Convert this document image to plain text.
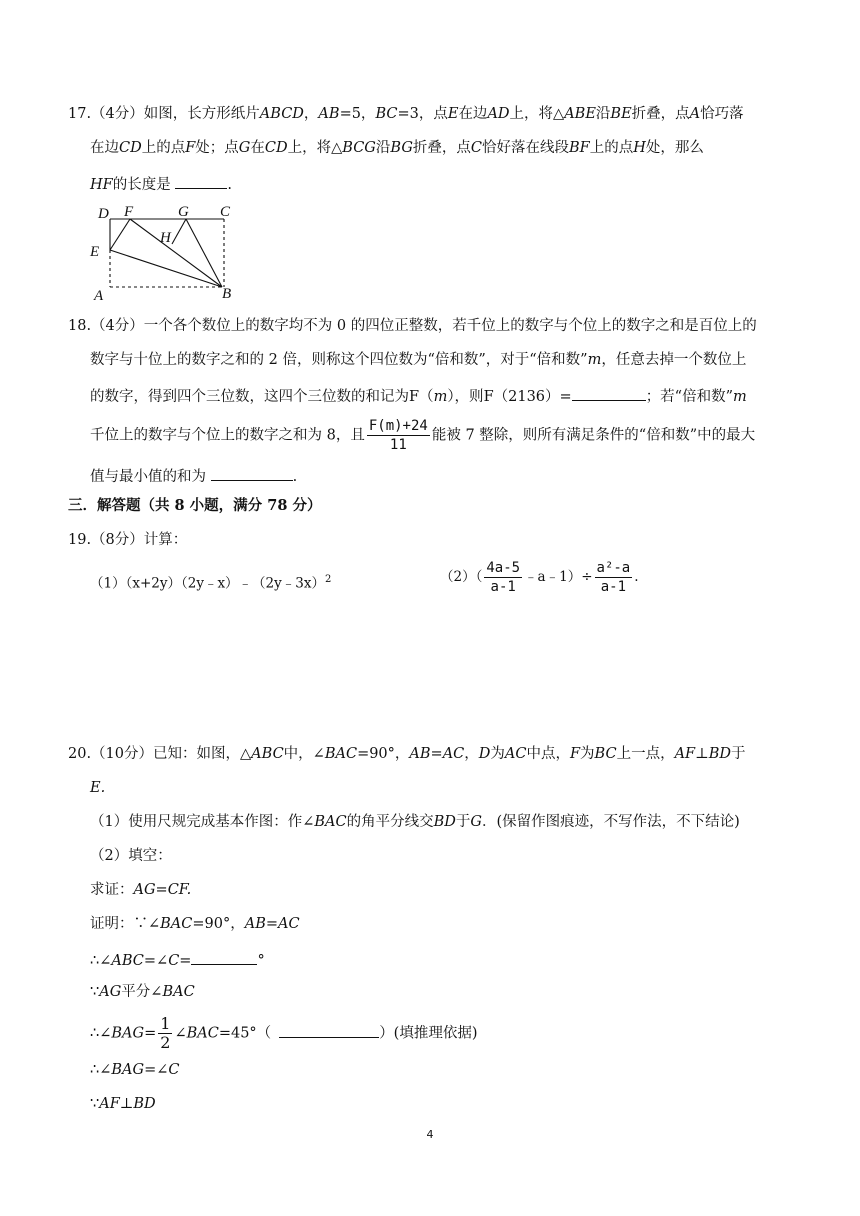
17.（4分）如图，长方形纸片ABCD，AB=5，BC=3，点E在边AD上，将△ABE沿BE折叠，点A恰巧落
在边CD上的点F处；点G在CD上，将△BCG沿BG折叠，点C恰好落在线段BF上的点H处，那么
HF的长度是	.
D F	G C
H
E
A	B
18.（4分）一个各个数位上的数字均不为 0 的四位正整数，若千位上的数字与个位上的数字之和是百位上的
数字与十位上的数字之和的 2 倍，则称这个四位数为“倍和数”，对于“倍和数”m，任意去掉一个数位上
的数字，得到四个三位数，这四个三位数的和记为F（m），则F（2136）=	；若“倍和数”m
千位上的数字与个位上的数字之和为 8，且 $\frac{F(m)+24}{11}$ 能被 7 整除，则所有满足条件的“倍和数”中的最大
值与最小值的和为	.
三．解答题（共 8 小题，满分 78 分）
19.（8分）计算：
（1）（x+2y）（2y﹣x）﹣（2y﹣3x）$^2$	$(2)( \frac{4a-5}{a-1}$ ﹣a﹣1）÷ $\frac{\text{a²-a}}{a-1}$ .
20.（10分）已知：如图，△ABC中，∠BAC=90°，AB=AC，D为AC中点，F为BC上一点，AF⊥BD于
E.
（1）使用尺规完成基本作图：作∠BAC的角平分线交BD于G．(保留作图痕迹，不写作法，不下结论)
（2）填空：
求证：AG=CF.
证明：∵∠BAC=90°，AB=AC
∴∠ABC=∠C=	°
∵AG平分∠BAC
∴∠BAG= $\frac{1}{2}$ ∠BAC=45°（	）(填推理依据)
∴∠BAG=∠C
∵AF⊥BD
4
